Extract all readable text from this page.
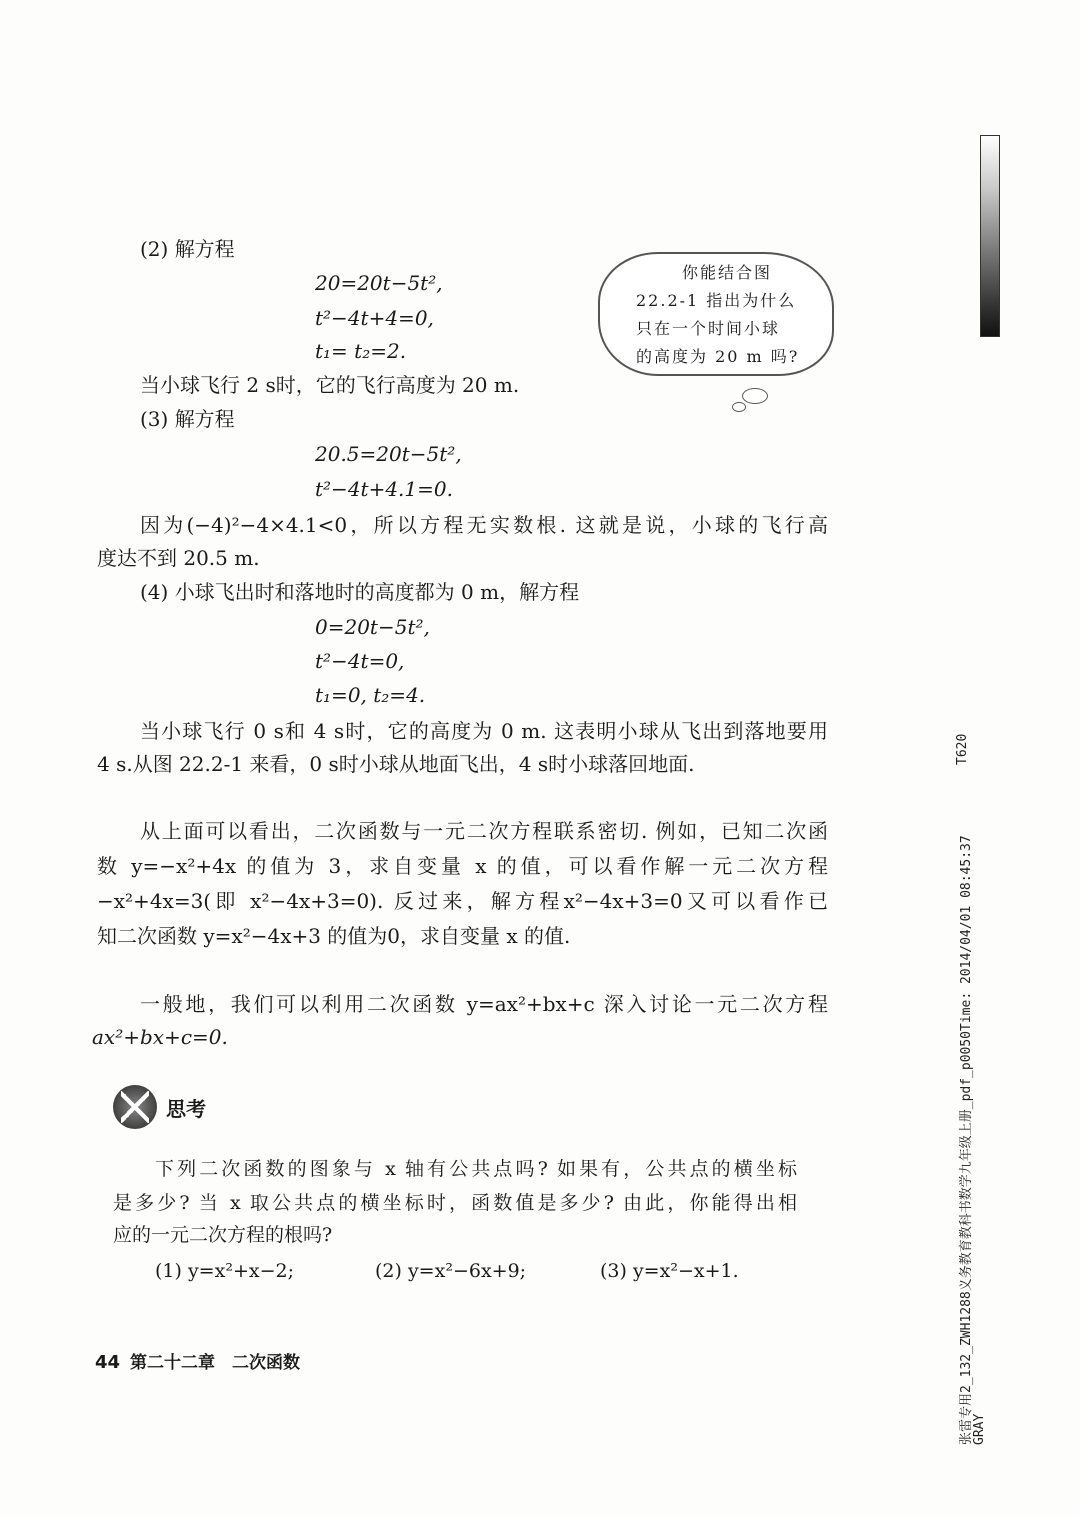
(2) 解方程
20=20t−5t²,
t²−4t+4=0,
t₁= t₂=2.
当小球飞行 2 s时，它的飞行高度为 20 m.
你能结合图
22.2-1 指出为什么
只在一个时间小球
的高度为 20 m 吗?
(3) 解方程
20.5=20t−5t²,
t²−4t+4.1=0.
因为(−4)²−4×4.1<0，所以方程无实数根. 这就是说，小球的飞行高
度达不到 20.5 m.
(4) 小球飞出时和落地时的高度都为 0 m，解方程
0=20t−5t²,
t²−4t=0,
t₁=0, t₂=4.
当小球飞行 0 s和 4 s时，它的高度为 0 m. 这表明小球从飞出到落地要用
4 s.从图 22.2-1 来看，0 s时小球从地面飞出，4 s时小球落回地面.
从上面可以看出，二次函数与一元二次方程联系密切. 例如，已知二次函
数 y=−x²+4x 的值为 3，求自变量 x 的值，可以看作解一元二次方程
−x²+4x=3(即 x²−4x+3=0). 反过来，解方程x²−4x+3=0又可以看作已
知二次函数 y=x²−4x+3 的值为0，求自变量 x 的值.
一般地，我们可以利用二次函数 y=ax²+bx+c 深入讨论一元二次方程
ax²+bx+c=0.
思考
下列二次函数的图象与 x 轴有公共点吗? 如果有，公共点的横坐标
是多少? 当 x 取公共点的横坐标时，函数值是多少? 由此，你能得出相
应的一元二次方程的根吗?
(1) y=x²+x−2;	(2) y=x²−6x+9;	(3) y=x²−x+1.
44 第二十二章　二次函数
T620
张雷专用2_132_ZWH1288义务教育教科书数学九年级上册_pdf_p0050Time: 2014/04/01 08:45:37
GRAY
